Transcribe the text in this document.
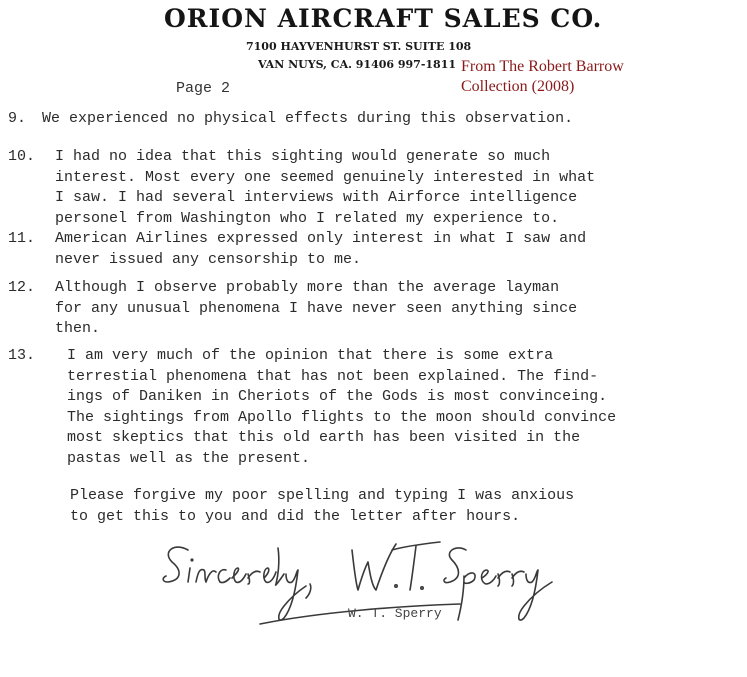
ORION AIRCRAFT SALES CO.
7100 HAYVENHURST ST. SUITE 108
VAN NUYS, CA. 91406 997-1811 From The Robert Barrow
Collection (2008)
Page 2
9. We experienced no physical effects during this observation.
10. I had no idea that this sighting would generate so much
interest. Most every one seemed genuinely interested in what
I saw. I had several interviews with Airforce intelligence
personel from Washington who I related my experience to.
11. American Airlines expressed only interest in what I saw and
never issued any censorship to me.
12. Although I observe probably more than the average layman
for any unusual phenomena I have never seen anything since
then.
13. I am very much of the opinion that there is some extra
terrestial phenomena that has not been explained. The find-
ings of Daniken in Cheriots of the Gods is most convinceing.
The sightings from Apollo flights to the moon should convince
most skeptics that this old earth has been visited in the
pastas well as the present.
Please forgive my poor spelling and typing I was anxious
to get this to you and did the letter after hours.
W. T. Sperry
